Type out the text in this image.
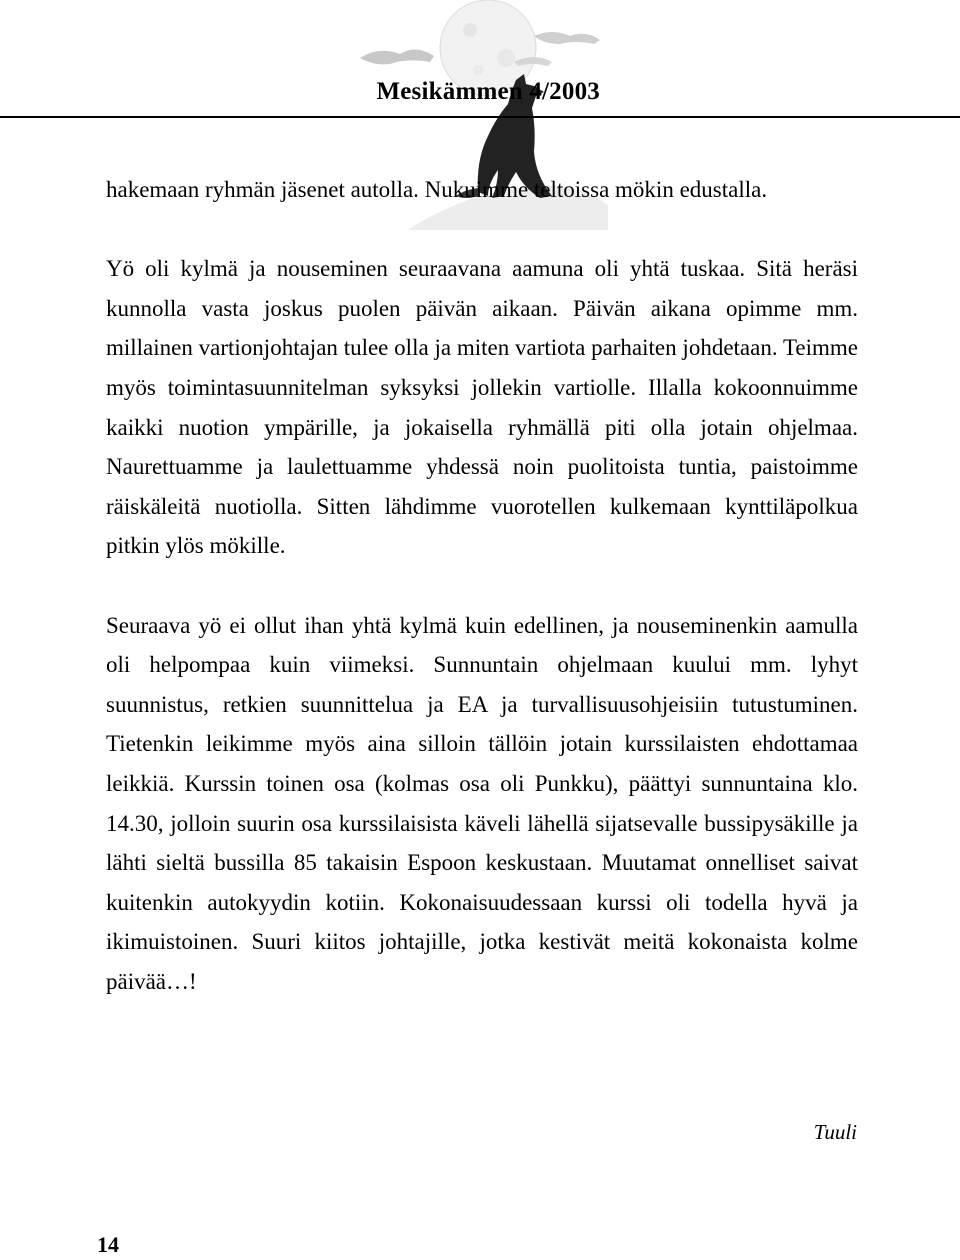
Mesikämmen 4/2003

hakemaan ryhmän jäsenet autolla. Nukuimme teltoissa mökin edustalla.

Yö oli kylmä ja nouseminen seuraavana aamuna oli yhtä tuskaa. Sitä heräsi kunnolla vasta joskus puolen päivän aikaan. Päivän aikana opimme mm. millainen vartionjohtajan tulee olla ja miten vartiota parhaiten johdetaan. Teimme myös toimintasuunnitelman syksyksi jollekin vartiolle. Illalla kokoonnuimme kaikki nuotion ympärille, ja jokaisella ryhmällä piti olla jotain ohjelmaa. Naurettuamme ja laulettuamme yhdessä noin puolitoista tuntia, paistoimme räiskäleitä nuotiolla. Sitten lähdimme vuorotellen kulkemaan kynttiläpolkua pitkin ylös mökille.

Seuraava yö ei ollut ihan yhtä kylmä kuin edellinen, ja nouseminenkin aamulla oli helpompaa kuin viimeksi. Sunnuntain ohjelmaan kuului mm. lyhyt suunnistus, retkien suunnittelua ja EA ja turvallisuusohjeisiin tutustuminen. Tietenkin leikimme myös aina silloin tällöin jotain kurssilaisten ehdottamaa leikkiä. Kurssin toinen osa (kolmas osa oli Punkku), päättyi sunnuntaina klo. 14.30, jolloin suurin osa kurssilaisista käveli lähellä sijatsevalle bussipysäkille ja lähti sieltä bussilla 85 takaisin Espoon keskustaan. Muutamat onnelliset saivat kuitenkin autokyydin kotiin. Kokonaisuudessaan kurssi oli todella hyvä ja ikimuistoinen. Suuri kiitos johtajille, jotka kestivät meitä kokonaista kolme päivää…!

Tuuli
14
